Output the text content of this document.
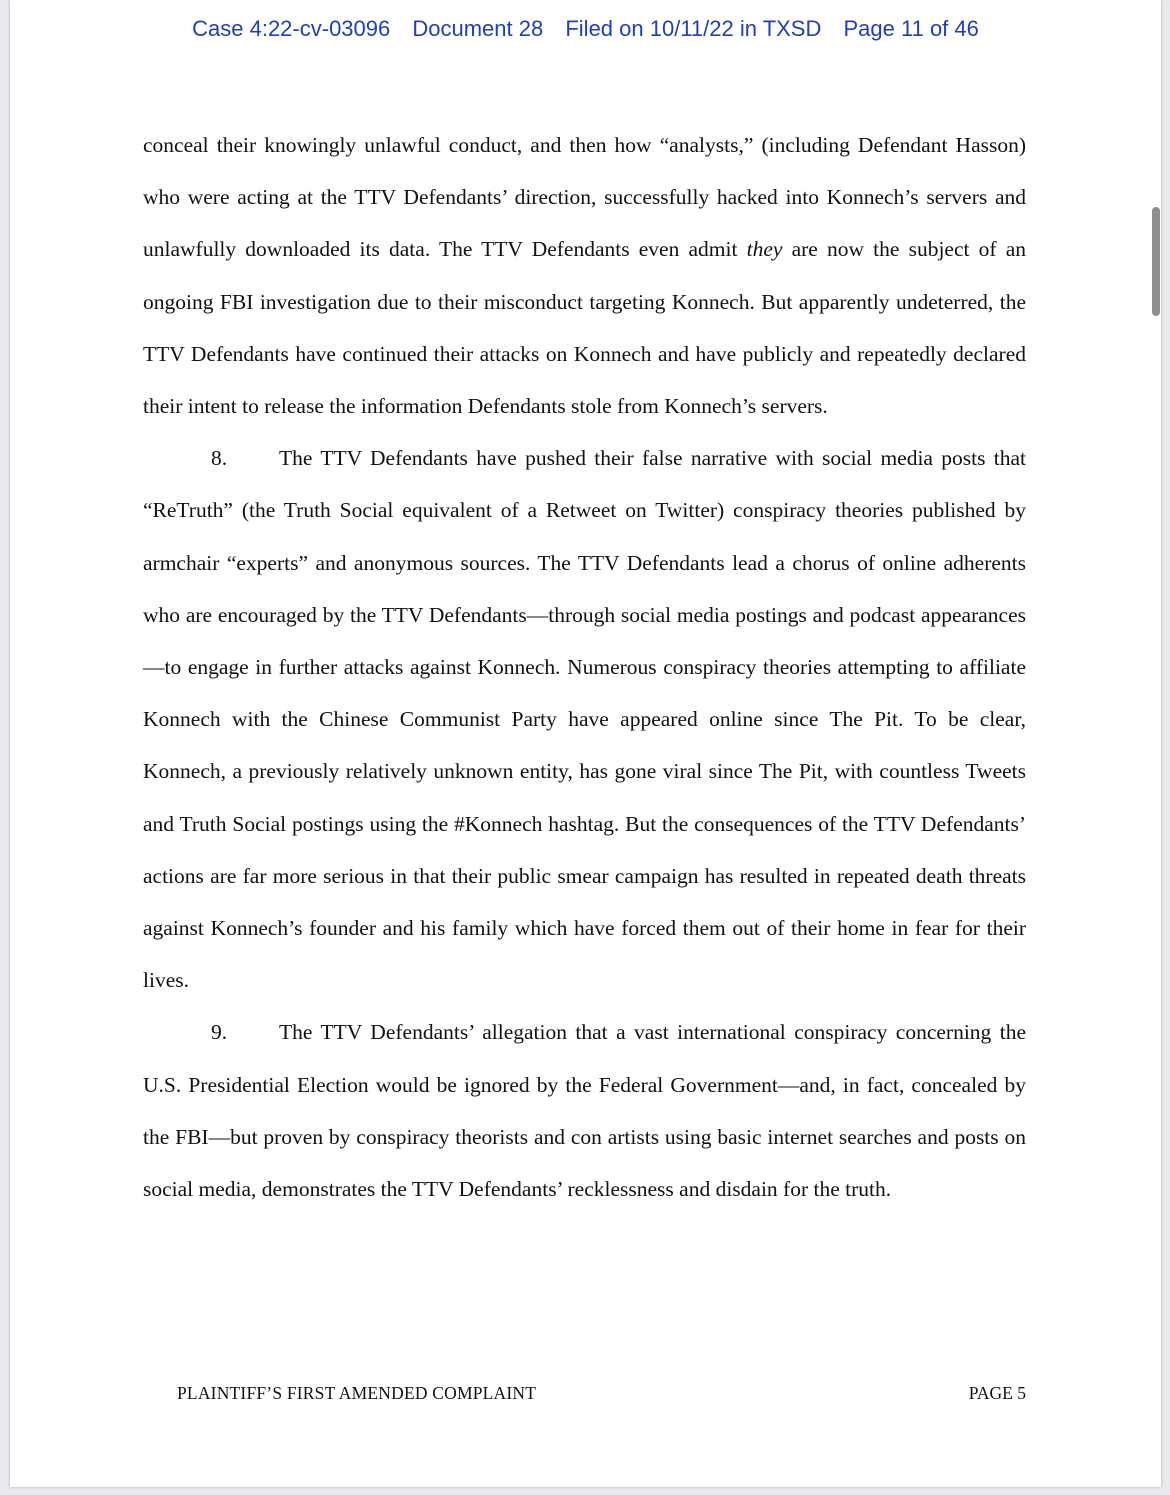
Case 4:22-cv-03096 Document 28 Filed on 10/11/22 in TXSD Page 11 of 46

conceal their knowingly unlawful conduct, and then how “analysts,” (including Defendant Hasson) who were acting at the TTV Defendants’ direction, successfully hacked into Konnech’s servers and unlawfully downloaded its data. The TTV Defendants even admit they are now the subject of an ongoing FBI investigation due to their misconduct targeting Konnech. But apparently undeterred, the TTV Defendants have continued their attacks on Konnech and have publicly and repeatedly declared their intent to release the information Defendants stole from Konnech’s servers.

8. The TTV Defendants have pushed their false narrative with social media posts that “ReTruth” (the Truth Social equivalent of a Retweet on Twitter) conspiracy theories published by armchair “experts” and anonymous sources. The TTV Defendants lead a chorus of online adherents who are encouraged by the TTV Defendants—through social media postings and podcast appearances—to engage in further attacks against Konnech. Numerous conspiracy theories attempting to affiliate Konnech with the Chinese Communist Party have appeared online since The Pit. To be clear, Konnech, a previously relatively unknown entity, has gone viral since The Pit, with countless Tweets and Truth Social postings using the #Konnech hashtag. But the consequences of the TTV Defendants’ actions are far more serious in that their public smear campaign has resulted in repeated death threats against Konnech’s founder and his family which have forced them out of their home in fear for their lives.

9. The TTV Defendants’ allegation that a vast international conspiracy concerning the U.S. Presidential Election would be ignored by the Federal Government—and, in fact, concealed by the FBI—but proven by conspiracy theorists and con artists using basic internet searches and posts on social media, demonstrates the TTV Defendants’ recklessness and disdain for the truth.

PLAINTIFF’S FIRST AMENDED COMPLAINT	PAGE 5
